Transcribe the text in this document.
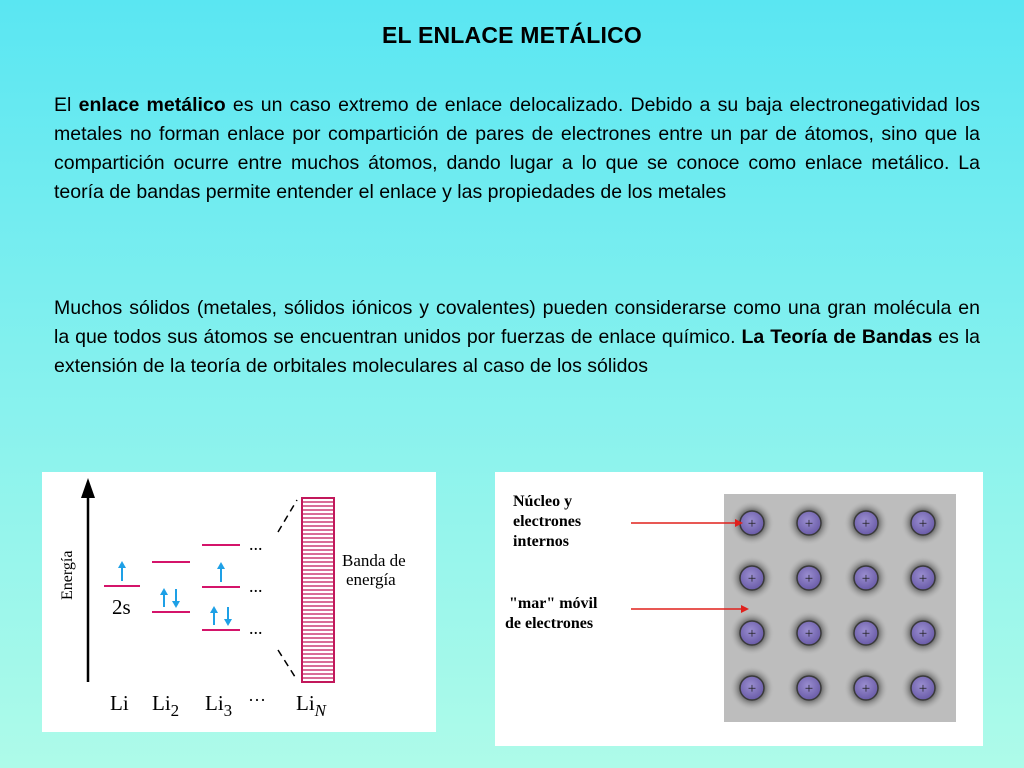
EL ENLACE METÁLICO
El enlace metálico es un caso extremo de enlace delocalizado. Debido a su baja electronegatividad los metales no forman enlace por compartición de pares de electrones entre un par de átomos, sino que la compartición ocurre entre muchos átomos, dando lugar a lo que se conoce como enlace metálico. La teoría de bandas permite entender el enlace y las propiedades de los metales
Muchos sólidos (metales, sólidos iónicos y covalentes) pueden considerarse como una gran molécula en la que todos sus átomos se encuentran unidos por fuerzas de enlace químico. La Teoría de Bandas es la extensión de la teoría de orbitales moleculares al caso de los sólidos
Energía
2s
...
...
...
Banda de
energía
Li $Li_2$ $Li_3$
··· $Li_N$
+	+	+	+
+	+	+	+
+	+	+	+
+	+	+	+
Núcleo y
electrones
internos
"mar" móvil
de electrones
